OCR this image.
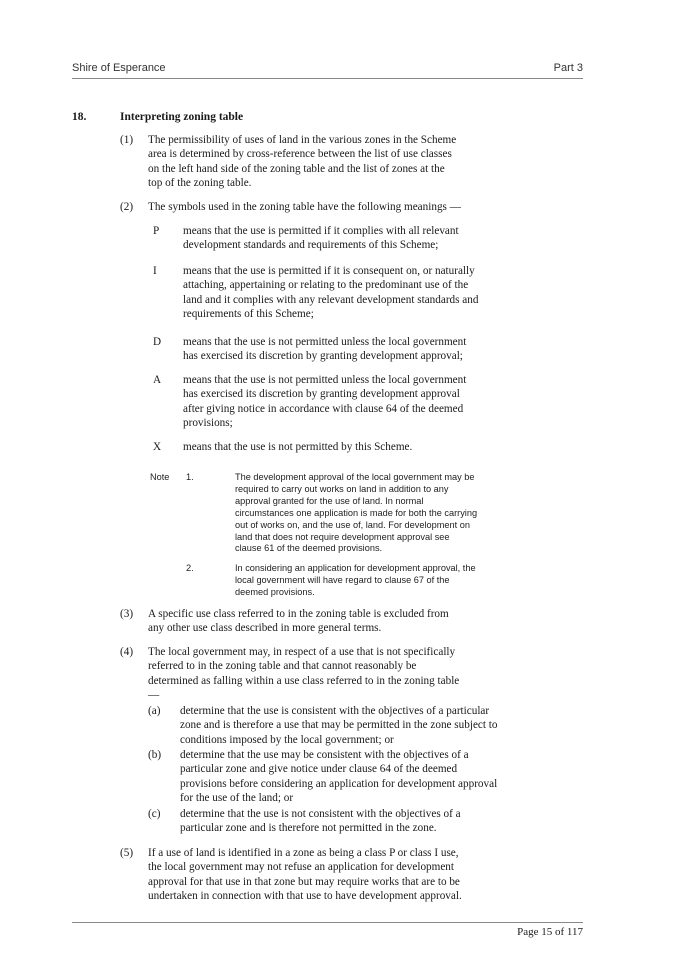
Shire of Esperance	Part 3
18.	Interpreting zoning table
(1) The permissibility of uses of land in the various zones in the Scheme
area is determined by cross-reference between the list of use classes
on the left hand side of the zoning table and the list of zones at the
top of the zoning table.
(2) The symbols used in the zoning table have the following meanings —
P means that the use is permitted if it complies with all relevant
development standards and requirements of this Scheme;
I means that the use is permitted if it is consequent on, or naturally
attaching, appertaining or relating to the predominant use of the
land and it complies with any relevant development standards and
requirements of this Scheme;
D means that the use is not permitted unless the local government
has exercised its discretion by granting development approval;
A means that the use is not permitted unless the local government
has exercised its discretion by granting development approval
after giving notice in accordance with clause 64 of the deemed
provisions;
X means that the use is not permitted by this Scheme.
Note 1.	The development approval of the local government may be
required to carry out works on land in addition to any
approval granted for the use of land. In normal
circumstances one application is made for both the carrying
out of works on, and the use of, land. For development on
land that does not require development approval see
clause 61 of the deemed provisions.
2.	In considering an application for development approval, the
local government will have regard to clause 67 of the
deemed provisions.
(3) A specific use class referred to in the zoning table is excluded from
any other use class described in more general terms.
(4) The local government may, in respect of a use that is not specifically
referred to in the zoning table and that cannot reasonably be
determined as falling within a use class referred to in the zoning table
—
(a) determine that the use is consistent with the objectives of a particular
zone and is therefore a use that may be permitted in the zone subject to
conditions imposed by the local government; or
(b) determine that the use may be consistent with the objectives of a
particular zone and give notice under clause 64 of the deemed
provisions before considering an application for development approval
for the use of the land; or
(c) determine that the use is not consistent with the objectives of a
particular zone and is therefore not permitted in the zone.
(5) If a use of land is identified in a zone as being a class P or class I use,
the local government may not refuse an application for development
approval for that use in that zone but may require works that are to be
undertaken in connection with that use to have development approval.
Page 15 of 117
